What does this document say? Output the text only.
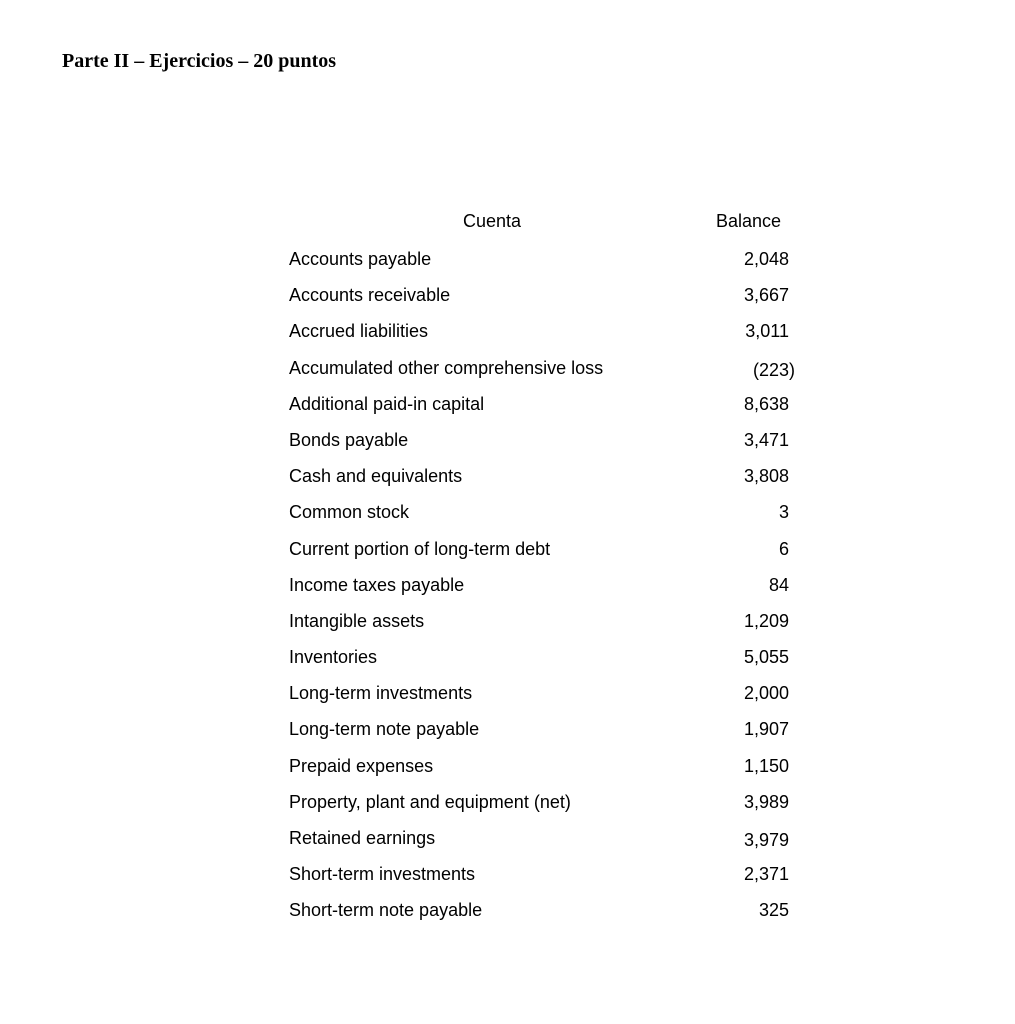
Parte II – Ejercicios – 20 puntos
Cuenta	Balance
Accounts payable	2,048
Accounts receivable	3,667
Accrued liabilities	3,011
Accumulated other comprehensive loss	(223)
Additional paid-in capital	8,638
Bonds payable	3,471
Cash and equivalents	3,808
Common stock	3
Current portion of long-term debt	6
Income taxes payable	84
Intangible assets	1,209
Inventories	5,055
Long-term investments	2,000
Long-term note payable	1,907
Prepaid expenses	1,150
Property, plant and equipment (net)	3,989
Retained earnings	3,979
Short-term investments	2,371
Short-term note payable	325
